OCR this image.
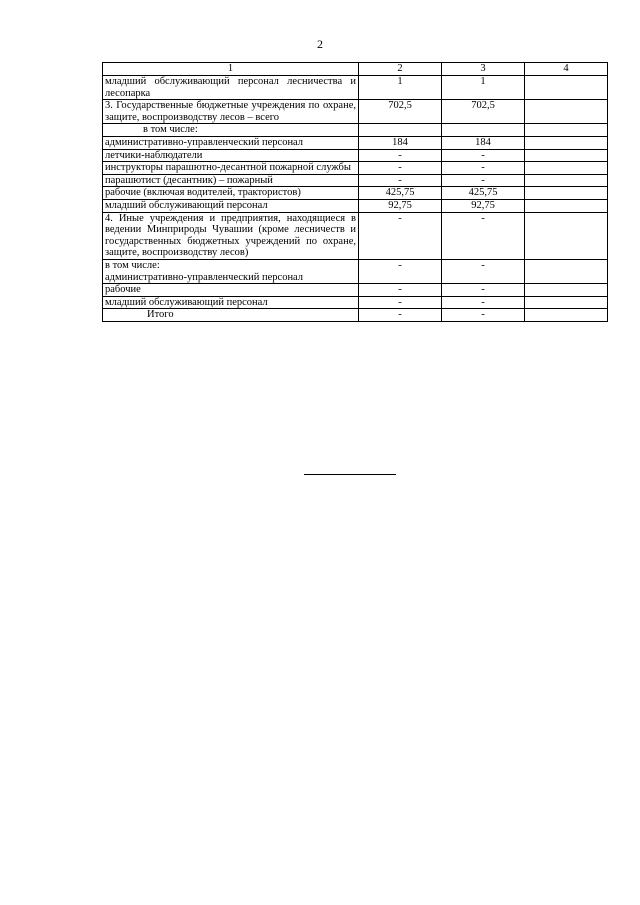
2
1	2	3	4

младший обслуживающий персонал лесничества и лесопарка	1	1	

3. Государственные бюджетные учреждения по охране, защите, воспроизводству лесов – всего	702,5	702,5	

в том числе:			

административно-управленческий персонал	184	184	

летчики-наблюдатели	-	-	

инструкторы парашютно-десантной пожарной службы	-	-	

парашютист (десантник) – пожарный	-	-	

рабочие (включая водителей, трактористов)	425,75	425,75	

младший обслуживающий персонал	92,75	92,75	

4. Иные учреждения и предприятия, находящиеся в ведении Минприроды Чувашии (кроме лесничеств и государственных бюджетных учреждений по охране, защите, воспроизводству лесов)	-	-	

в том числе:
административно-управленческий персонал	-	-	

рабочие	-	-	

младший обслуживающий персонал	-	-	

Итого	-	-	
